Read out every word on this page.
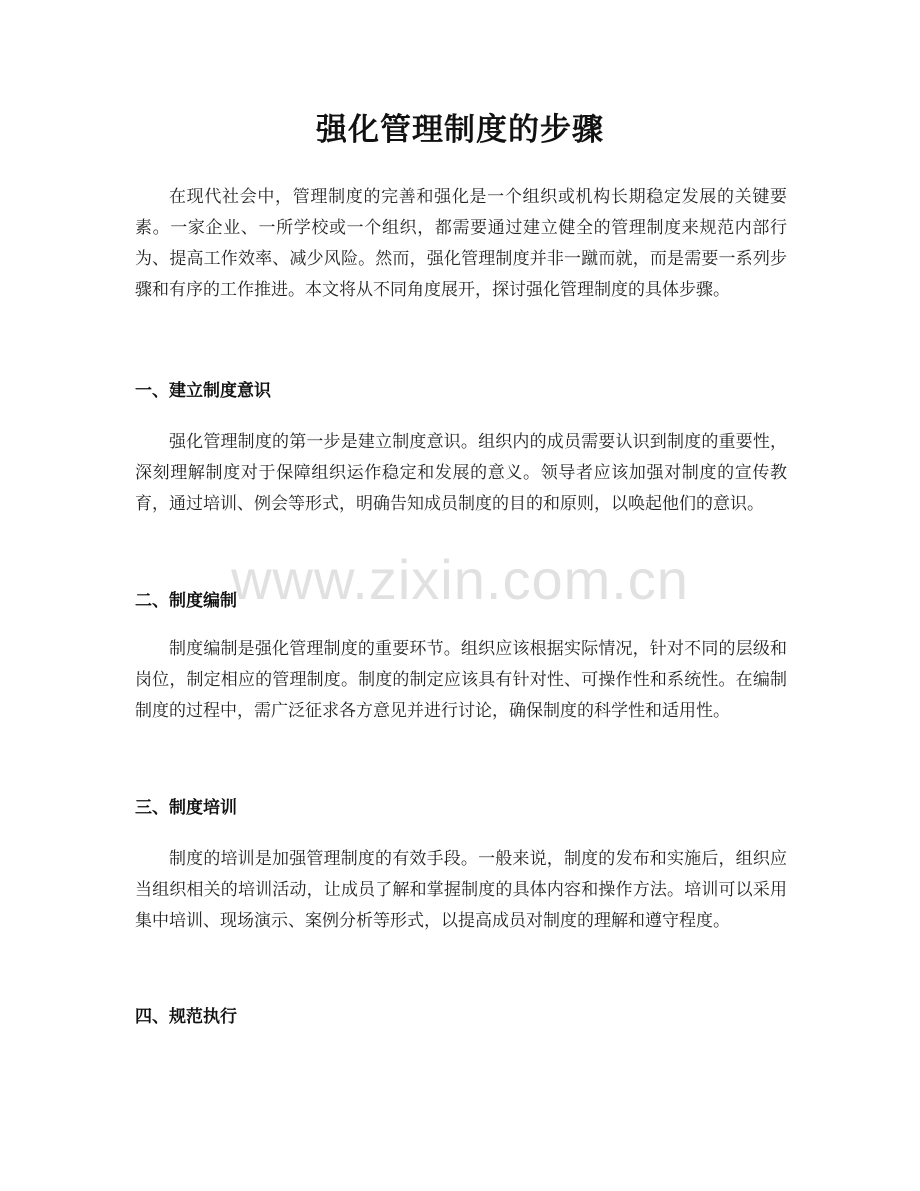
强化管理制度的步骤
在现代社会中，管理制度的完善和强化是一个组织或机构长期稳定发展的关键要素。一家企业、一所学校或一个组织，都需要通过建立健全的管理制度来规范内部行为、提高工作效率、减少风险。然而，强化管理制度并非一蹴而就，而是需要一系列步骤和有序的工作推进。本文将从不同角度展开，探讨强化管理制度的具体步骤。
一、建立制度意识
强化管理制度的第一步是建立制度意识。组织内的成员需要认识到制度的重要性，深刻理解制度对于保障组织运作稳定和发展的意义。领导者应该加强对制度的宣传教育，通过培训、例会等形式，明确告知成员制度的目的和原则，以唤起他们的意识。
www.zixin.com.cn
二、制度编制
制度编制是强化管理制度的重要环节。组织应该根据实际情况，针对不同的层级和岗位，制定相应的管理制度。制度的制定应该具有针对性、可操作性和系统性。在编制制度的过程中，需广泛征求各方意见并进行讨论，确保制度的科学性和适用性。
三、制度培训
制度的培训是加强管理制度的有效手段。一般来说，制度的发布和实施后，组织应当组织相关的培训活动，让成员了解和掌握制度的具体内容和操作方法。培训可以采用集中培训、现场演示、案例分析等形式，以提高成员对制度的理解和遵守程度。
四、规范执行
